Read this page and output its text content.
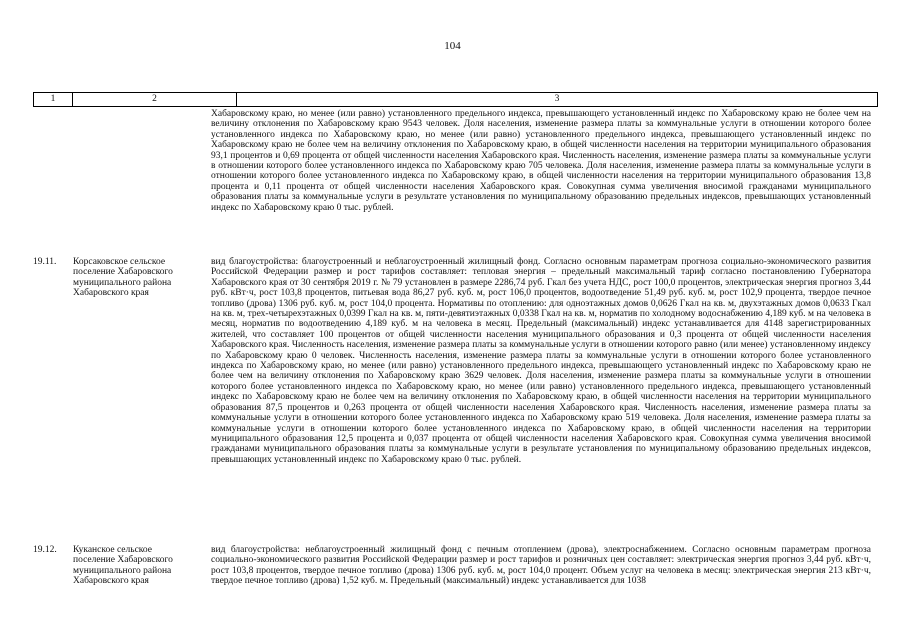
104
1	2	3
Хабаровскому краю, но менее (или равно) установленного предельного индекса, превышающего установленный индекс по Хабаровскому краю не более чем на величину отклонения по Хабаровскому краю 9543 человек. Доля населения, изменение размера платы за коммунальные услуги в отношении которого более установленного индекса по Хабаровскому краю, но менее (или равно) установленного предельного индекса, превышающего установленный индекс по Хабаровскому краю не более чем на величину отклонения по Хабаровскому краю, в общей численности населения на территории муниципального образования 93,1 процентов и 0,69 процента от общей численности населения Хабаровского края. Численность населения, изменение размера платы за коммунальные услуги в отношении которого более установленного индекса по Хабаровскому краю 705 человека. Доля населения, изменение размера платы за коммунальные услуги в отношении которого более установленного индекса по Хабаровскому краю, в общей численности населения на территории муниципального образования 13,8 процента и 0,11 процента от общей численности населения Хабаровского края. Совокупная сумма увеличения вносимой гражданами муниципального образования платы за коммунальные услуги в результате установления по муниципальному образованию предельных индексов, превышающих установленный индекс по Хабаровскому краю 0 тыс. рублей.
19.11. Корсаковское сельское поселение Хабаровского муниципального района Хабаровского края
вид благоустройства: благоустроенный и неблагоустроенный жилищный фонд. Согласно основным параметрам прогноза социально-экономического развития Российской Федерации размер и рост тарифов составляет: тепловая энергия – предельный максимальный тариф согласно постановлению Губернатора Хабаровского края от 30 сентября 2019 г. № 79 установлен в размере 2286,74 руб. Гкал без учета НДС, рост 100,0 процентов, электрическая энергия прогноз 3,44 руб. кВт·ч, рост 103,8 процентов, питьевая вода 86,27 руб. куб. м, рост 106,0 процентов, водоотведение 51,49 руб. куб. м, рост 102,9 процента, твердое печное топливо (дрова) 1306 руб. куб. м, рост 104,0 процента. Нормативы по отоплению: для одноэтажных домов 0,0626 Гкал на кв. м, двухэтажных домов 0,0633 Гкал на кв. м, трех-четырехэтажных 0,0399 Гкал на кв. м, пяти-девятиэтажных 0,0338 Гкал на кв. м, норматив по холодному водоснабжению 4,189 куб. м на человека в месяц, норматив по водоотведению 4,189 куб. м на человека в месяц. Предельный (максимальный) индекс устанавливается для 4148 зарегистрированных жителей, что составляет 100 процентов от общей численности населения муниципального образования и 0,3 процента от общей численности населения Хабаровского края. Численность населения, изменение размера платы за коммунальные услуги в отношении которого равно (или менее) установленному индексу по Хабаровскому краю 0 человек. Численность населения, изменение размера платы за коммунальные услуги в отношении которого более установленного индекса по Хабаровскому краю, но менее (или равно) установленного предельного индекса, превышающего установленный индекс по Хабаровскому краю не более чем на величину отклонения по Хабаровскому краю 3629 человек. Доля населения, изменение размера платы за коммунальные услуги в отношении которого более установленного индекса по Хабаровскому краю, но менее (или равно) установленного предельного индекса, превышающего установленный индекс по Хабаровскому краю не более чем на величину отклонения по Хабаровскому краю, в общей численности населения на территории муниципального образования 87,5 процентов и 0,263 процента от общей численности населения Хабаровского края. Численность населения, изменение размера платы за коммунальные услуги в отношении которого более установленного индекса по Хабаровскому краю 519 человека. Доля населения, изменение размера платы за коммунальные услуги в отношении которого более установленного индекса по Хабаровскому краю, в общей численности населения на территории муниципального образования 12,5 процента и 0,037 процента от общей численности населения Хабаровского края. Совокупная сумма увеличения вносимой гражданами муниципального образования платы за коммунальные услуги в результате установления по муниципальному образованию предельных индексов, превышающих установленный индекс по Хабаровскому краю 0 тыс. рублей.
19.12. Куканское сельское поселение Хабаровского муниципального района Хабаровского края
вид благоустройства: неблагоустроенный жилищный фонд с печным отоплением (дрова), электроснабжением. Согласно основным параметрам прогноза социально-экономического развития Российской Федерации размер и рост тарифов и розничных цен составляет: электрическая энергия прогноз 3,44 руб. кВт·ч, рост 103,8 процентов, твердое печное топливо (дрова) 1306 руб. куб. м, рост 104,0 процент. Объем услуг на человека в месяц: электрическая энергия 213 кВт·ч, твердое печное топливо (дрова) 1,52 куб. м. Предельный (максимальный) индекс устанавливается для 1038
